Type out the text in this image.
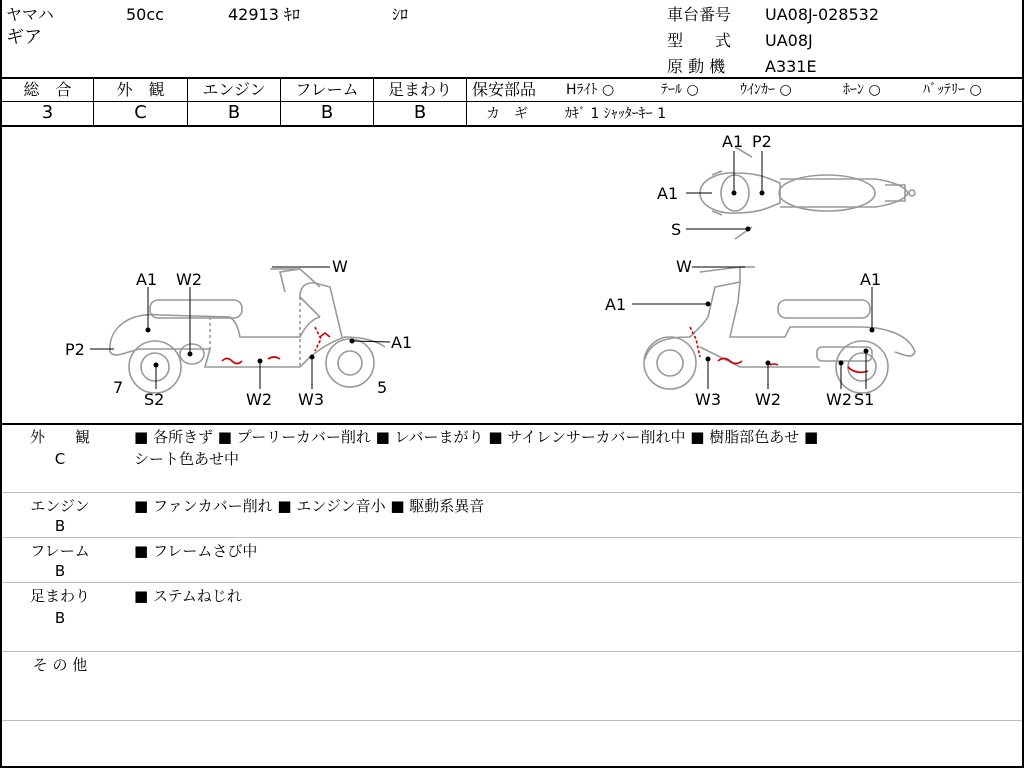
ヤマハ	50cc	42913 ｷﾛ	ｼﾛ
ギア
車台番号 UA08J-028532
型　　式 UA08J
原 動 機 A331E
総　合
3
外　観
C
エンジン
B
フレーム
B
足まわり
B
保安部品 Hﾗｲﾄ ○	ﾃｰﾙ ○	ｳｲﾝｶｰ ○	ﾎｰﾝ ○	ﾊﾞｯﾃﾘｰ ○
カ　ギ	ｶｷﾞ 1 ｼｬｯﾀｰｷｰ 1
A1 P2
A1
S
A1 W2
W
P2	A1
7
S2	W2 W3
5
W
A1
A1
W3 W2	W2 S1
外　　観
C
■ 各所きず ■ プーリーカバー削れ ■ レバーまがり ■ サイレンサーカバー削れ中 ■ 樹脂部色あせ ■
シート色あせ中
エンジン
B
■ ファンカバー削れ ■ エンジン音小 ■ 駆動系異音
フレーム
B
■ フレームさび中
足まわり
B
■ ステムねじれ
そ の 他
